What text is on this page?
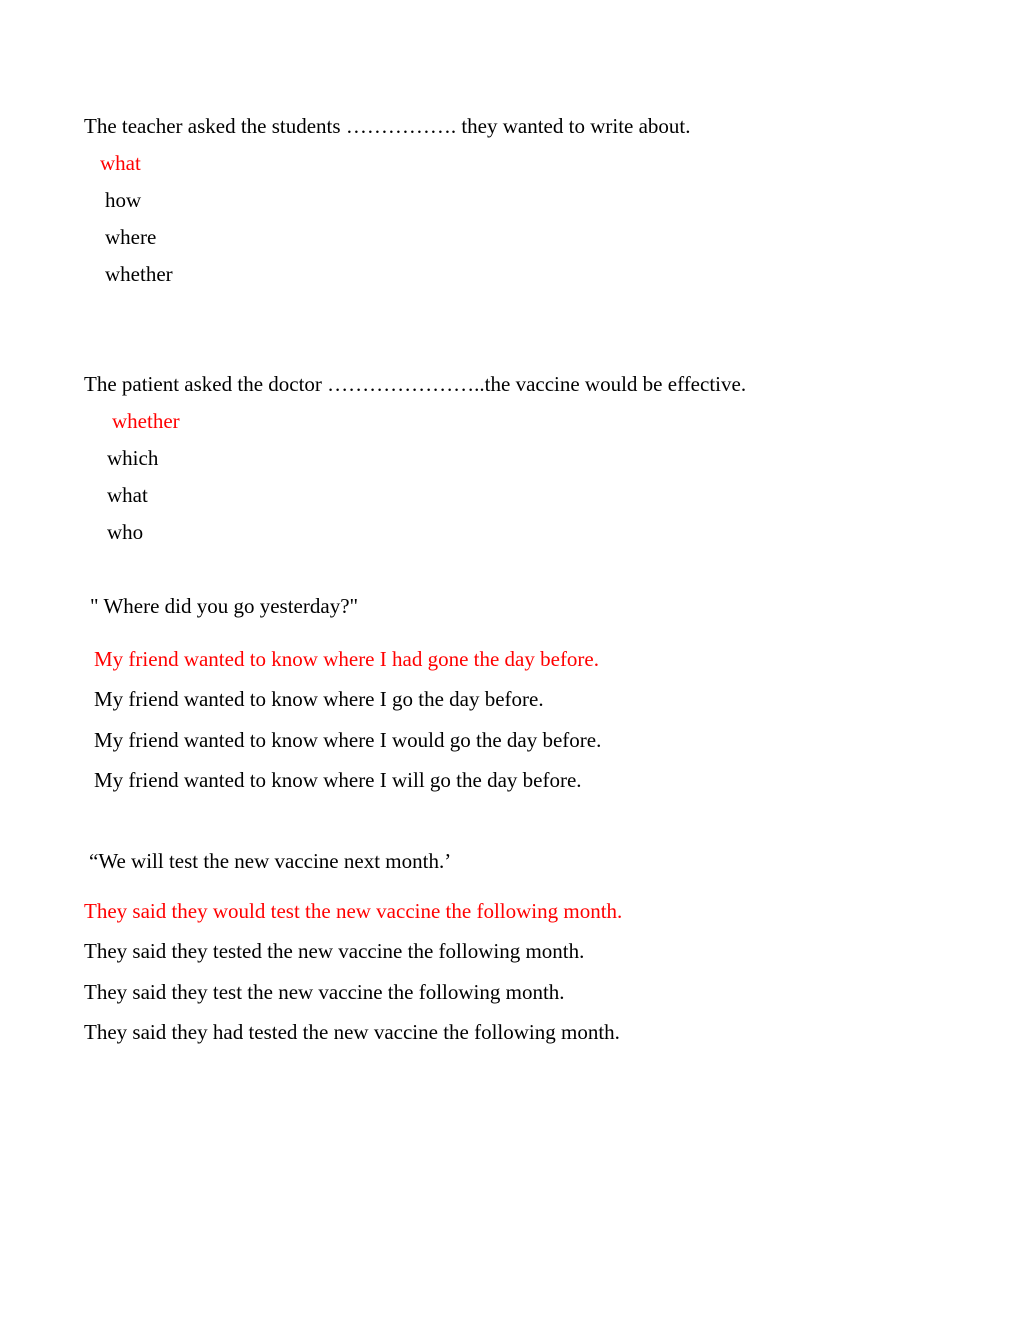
The teacher asked the students ……………. they wanted to write about.
what
how
where
whether
The patient asked the doctor …………………..the vaccine would be effective.
whether
which
what
who
" Where did you go yesterday?"
My friend wanted to know where I had gone the day before.
My friend wanted to know where I go the day before.
My friend wanted to know where I would go the day before.
My friend wanted to know where I will go the day before.
“We will test the new vaccine next month.’
They said they would test the new vaccine the following month.
They said they tested the new vaccine the following month.
They said they test the new vaccine the following month.
They said they had tested the new vaccine the following month.
